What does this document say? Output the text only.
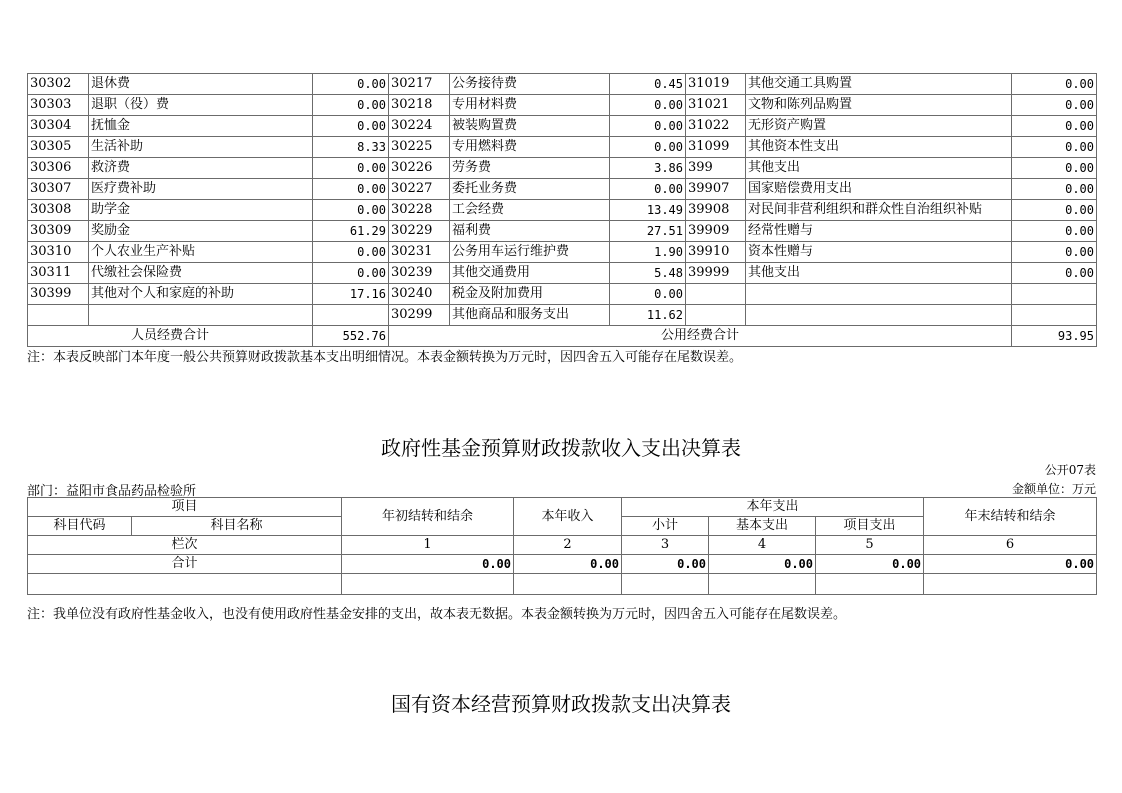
30302	退休费	0.00	30217	公务接待费	0.45	31019	其他交通工具购置	0.00
30303	退职（役）费	0.00	30218	专用材料费	0.00	31021	文物和陈列品购置	0.00
30304	抚恤金	0.00	30224	被装购置费	0.00	31022	无形资产购置	0.00
30305	生活补助	8.33	30225	专用燃料费	0.00	31099	其他资本性支出	0.00
30306	救济费	0.00	30226	劳务费	3.86	399	其他支出	0.00
30307	医疗费补助	0.00	30227	委托业务费	0.00	39907	国家赔偿费用支出	0.00
30308	助学金	0.00	30228	工会经费	13.49	39908	对民间非营利组织和群众性自治组织补贴	0.00
30309	奖励金	61.29	30229	福利费	27.51	39909	经常性赠与	0.00
30310	个人农业生产补贴	0.00	30231	公务用车运行维护费	1.90	39910	资本性赠与	0.00
30311	代缴社会保险费	0.00	30239	其他交通费用	5.48	39999	其他支出	0.00
30399	其他对个人和家庭的补助	17.16	30240	税金及附加费用	0.00			
			30299	其他商品和服务支出	11.62			
人员经费合计		552.76	公用经费合计					93.95
注：本表反映部门本年度一般公共预算财政拨款基本支出明细情况。本表金额转换为万元时，因四舍五入可能存在尾数误差。
政府性基金预算财政拨款收入支出决算表
公开07表
部门：益阳市食品药品检验所	金额单位：万元
项目		年初结转和结余	本年收入	本年支出			年末结转和结余
科目代码	科目名称			小计	基本支出	项目支出	
栏次		1	2	3	4	5	6
合计		0.00	0.00	0.00	0.00	0.00	0.00

注：我单位没有政府性基金收入，也没有使用政府性基金安排的支出，故本表无数据。本表金额转换为万元时，因四舍五入可能存在尾数误差。
国有资本经营预算财政拨款支出决算表
